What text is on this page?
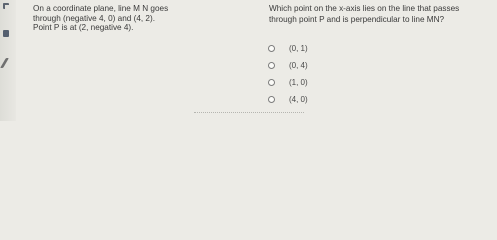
On a coordinate plane, line M N goes
through (negative 4, 0) and (4, 2).
Point P is at (2, negative 4).
Which point on the x-axis lies on the line that passes
through point P and is perpendicular to line MN?
(0, 1)
(0, 4)
(1, 0)
(4, 0)
